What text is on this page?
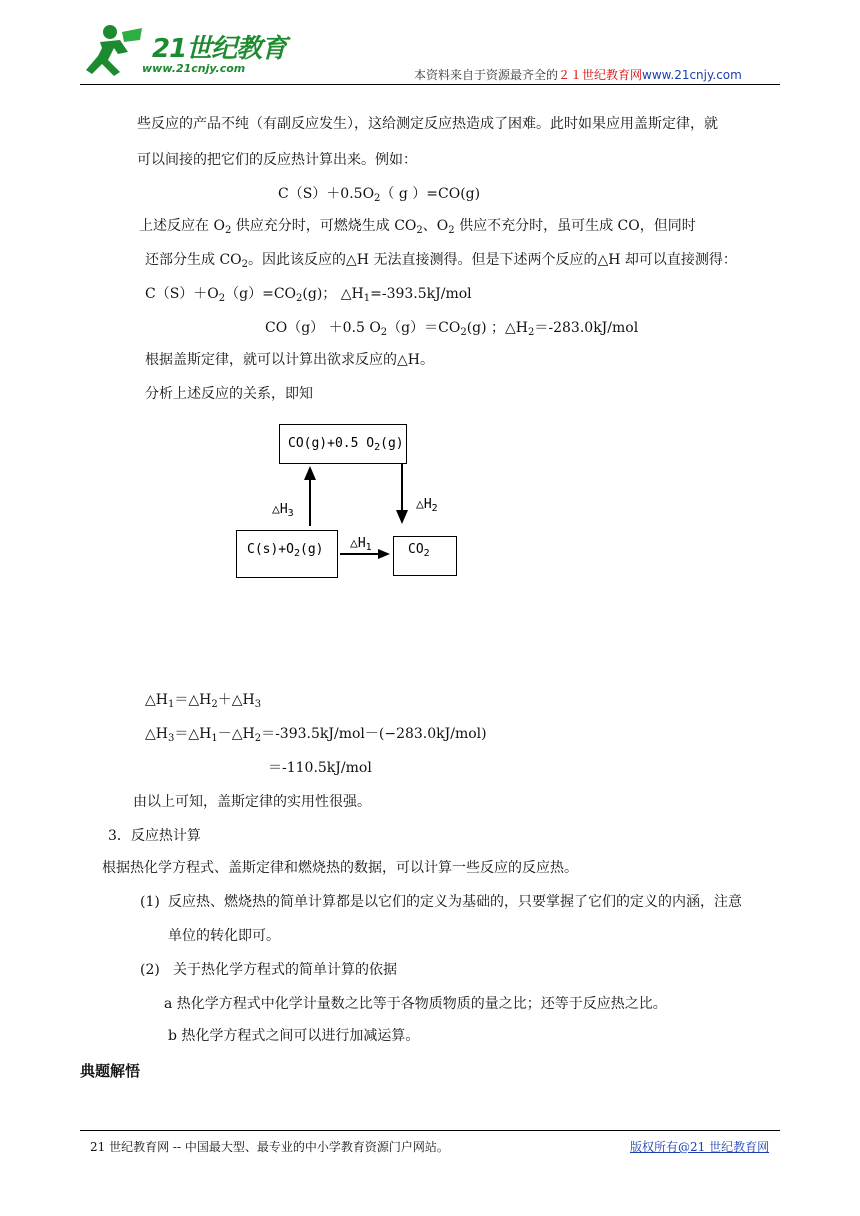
21世纪教育
www.21cnjy.com	本资料来自于资源最齐全的２１世纪教育网www.21cnjy.com
些反应的产品不纯（有副反应发生），这给测定反应热造成了困难。此时如果应用盖斯定律，就
可以间接的把它们的反应热计算出来。例如：
$C(S)+0.5O_2$（ g ）=CO(g)
上述反应在 $O_2$ 供应充分时，可燃烧生成 $CO_2$、$O_2$ 供应不充分时，虽可生成 CO，但同时
还部分生成 $CO_2$。因此该反应的△H 无法直接测得。但是下述两个反应的△H 却可以直接测得：
$C(S)+O_2(g)=CO_2(g)$； $\triangle H_1=-393.5kJ$/mol
CO（g） ＋0.5 $O_2(g)=CO_2(g)$ ；$\triangle H_2=-283.0kJ$/mol
根据盖斯定律，就可以计算出欲求反应的△H。
分析上述反应的关系，即知
CO(g)+0.5 $O_2(g)$
$C(s)+O_2(g)$	$CO_2$
$\triangle H_3$
$\triangle H_2$
$\triangle H_1$
$\triangle H_1=\triangle H_2+\triangle H_3$
$\triangle H_3=\triangle H_1-\triangle H_2=-393.5kJ/mol-(-283.0kJ/mol)$
＝-110.5kJ/mol
由以上可知，盖斯定律的实用性很强。
3．反应热计算
根据热化学方程式、盖斯定律和燃烧热的数据，可以计算一些反应的反应热。
(1) 反应热、燃烧热的简单计算都是以它们的定义为基础的，只要掌握了它们的定义的内涵，注意
单位的转化即可。
(2) 关于热化学方程式的简单计算的依据
a 热化学方程式中化学计量数之比等于各物质物质的量之比；还等于反应热之比。
b 热化学方程式之间可以进行加减运算。
典题解悟
21 世纪教育网 -- 中国最大型、最专业的中小学教育资源门户网站。	版权所有@21 世纪教育网
